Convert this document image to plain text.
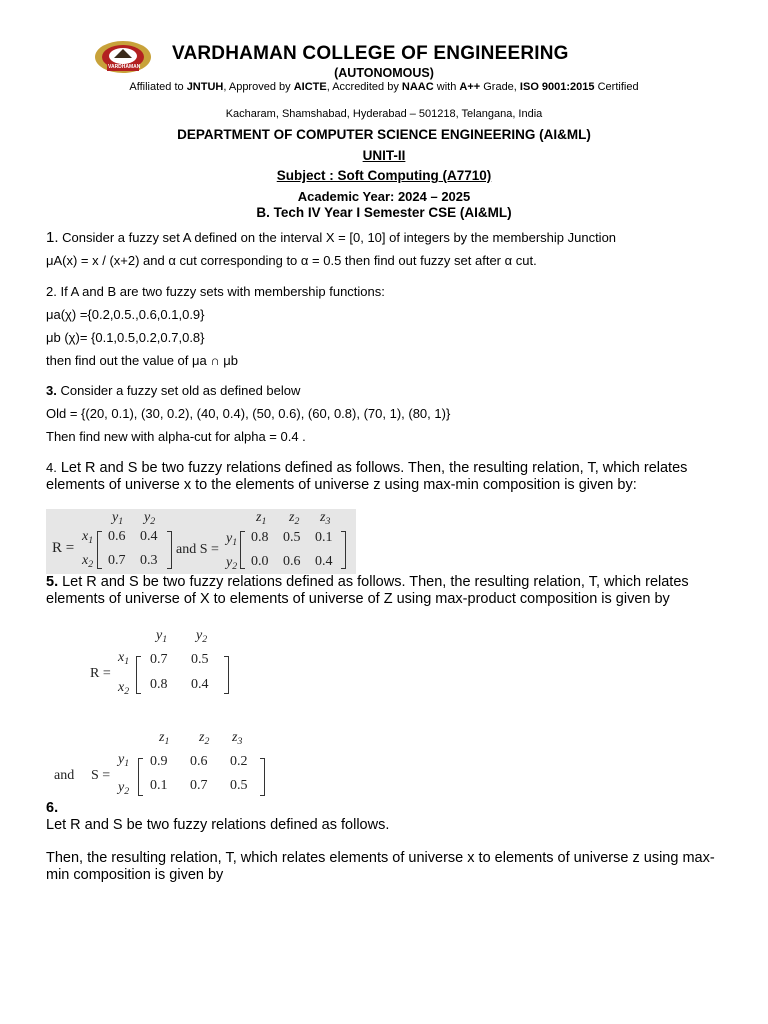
VARDHAMAN
VARDHAMAN COLLEGE OF ENGINEERING
(AUTONOMOUS)
Affiliated to JNTUH, Approved by AICTE, Accredited by NAAC with A++ Grade, ISO 9001:2015 Certified
Kacharam, Shamshabad, Hyderabad – 501218, Telangana, India
DEPARTMENT OF COMPUTER SCIENCE ENGINEERING (AI&ML)
UNIT-II
Subject : Soft Computing (A7710)
Academic Year: 2024 – 2025
B. Tech IV Year I Semester CSE (AI&ML)
1. Consider a fuzzy set A defined on the interval X = [0, 10] of integers by the membership Junction
μA(x) = x / (x+2) and α cut corresponding to α = 0.5 then find out fuzzy set after α cut.
2. If A and B are two fuzzy sets with membership functions:
μa(χ) ={0.2,0.5.,0.6,0.1,0.9}
μb (χ)= {0.1,0.5,0.2,0.7,0.8}
then find out the value of μa ∩ μb
3. Consider a fuzzy set old as defined below
Old = {(20, 0.1), (30, 0.2), (40, 0.4), (50, 0.6), (60, 0.8), (70, 1), (80, 1)}
Then find new with alpha-cut for alpha = 0.4 .
4. Let R and S be two fuzzy relations defined as follows. Then, the resulting relation, T, which relates elements of universe x to the elements of universe z using max-min composition is given by:
R =
$y_1$ $y_2$
$x_1$
$x_2$
0.6 0.4
0.7 0.3
and S =
$z_1$ $z_2$ $z_3$
$y_1$
$y_2$
0.8 0.5 0.1
0.0 0.6 0.4
5. Let R and S be two fuzzy relations defined as follows. Then, the resulting relation, T, which relates elements of universe of X to elements of universe of Z using max-product composition is given by
R =
$y_1$ $y_2$
$x_1$
$x_2$
0.7 0.5
0.8 0.4
and S =
$z_1$ $z_2$ $z_3$
$y_1$
$y_2$
0.9 0.6 0.2
0.1 0.7 0.5
6.
Let R and S be two fuzzy relations defined as follows.
Then, the resulting relation, T, which relates elements of universe x to elements of universe z using max-min composition is given by
